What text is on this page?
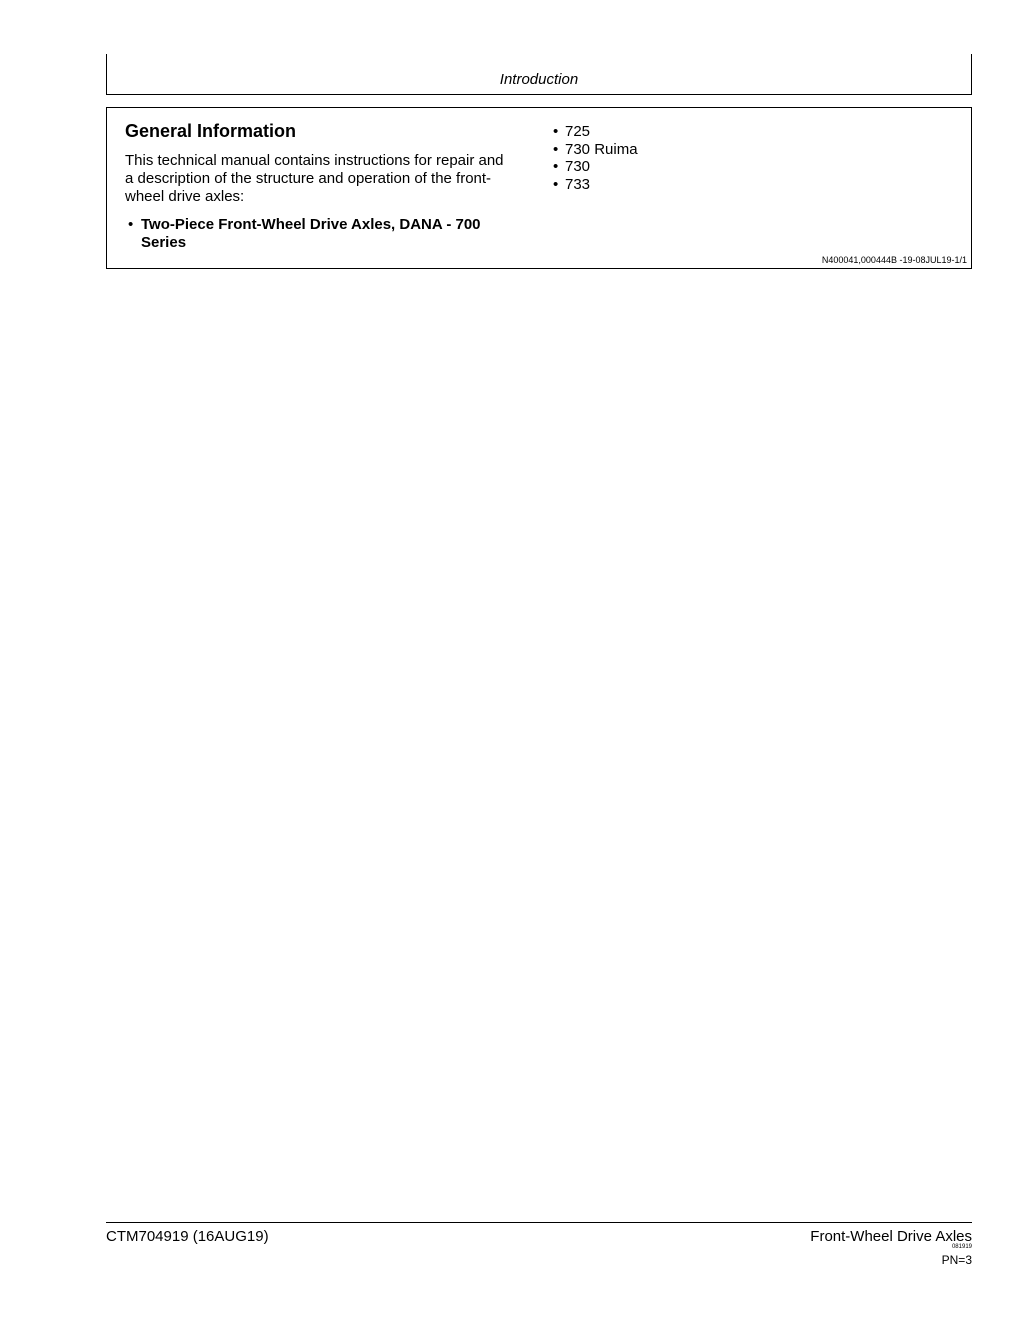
Introduction
General Information
This technical manual contains instructions for repair and a description of the structure and operation of the front-wheel drive axles:
• Two-Piece Front-Wheel Drive Axles, DANA - 700 Series
• 725
• 730 Ruima
• 730
• 733
N400041,000444B -19-08JUL19-1/1
CTM704919 (16AUG19)	Front-Wheel Drive Axles
081919
PN=3
